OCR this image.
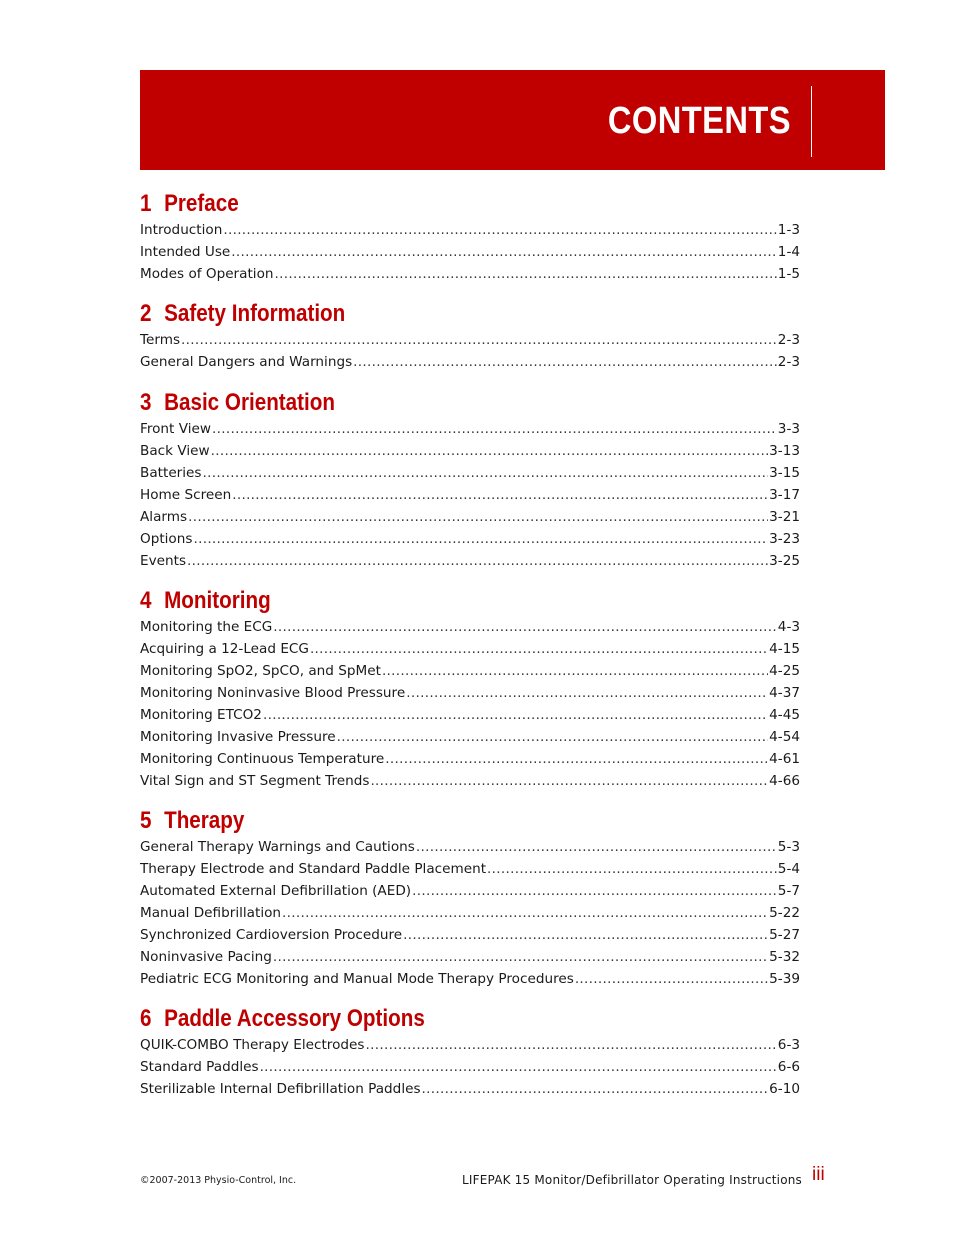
CONTENTS
1 Preface
Introduction .....	1-3
Intended Use .....	1-4
Modes of Operation .....	1-5
2 Safety Information
Terms .....	2-3
General Dangers and Warnings .....	2-3
3 Basic Orientation
Front View .....	3-3
Back View .....	3-13
Batteries .....	3-15
Home Screen .....	3-17
Alarms .....	3-21
Options .....	3-23
Events .....	3-25
4 Monitoring
Monitoring the ECG .....	4-3
Acquiring a 12-Lead ECG .....	4-15
Monitoring SpO2, SpCO, and SpMet .....	4-25
Monitoring Noninvasive Blood Pressure .....	4-37
Monitoring ETCO2 .....	4-45
Monitoring Invasive Pressure .....	4-54
Monitoring Continuous Temperature .....	4-61
Vital Sign and ST Segment Trends .....	4-66
5 Therapy
General Therapy Warnings and Cautions .....	5-3
Therapy Electrode and Standard Paddle Placement .....	5-4
Automated External Defibrillation (AED) .....	5-7
Manual Defibrillation .....	5-22
Synchronized Cardioversion Procedure .....	5-27
Noninvasive Pacing .....	5-32
Pediatric ECG Monitoring and Manual Mode Therapy Procedures .....	5-39
6 Paddle Accessory Options
QUIK-COMBO Therapy Electrodes .....	6-3
Standard Paddles .....	6-6
Sterilizable Internal Defibrillation Paddles .....	6-10
©2007-2013 Physio-Control, Inc.	LIFEPAK 15 Monitor/Defibrillator Operating Instructions iii
